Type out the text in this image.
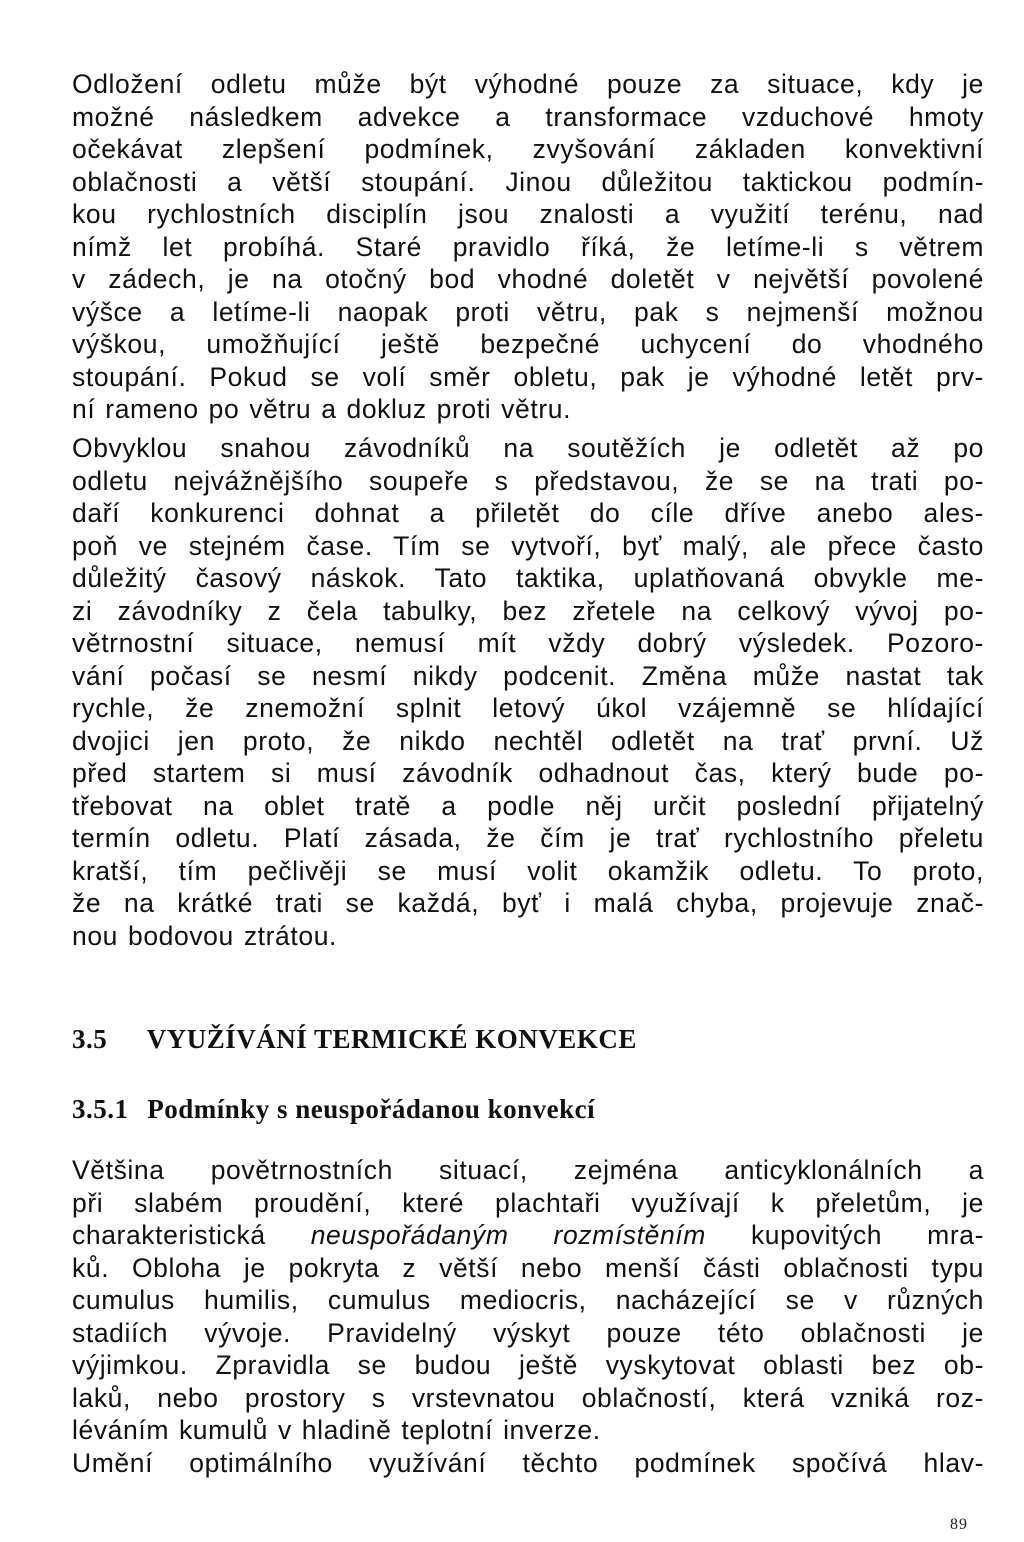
Odložení odletu může být výhodné pouze za situace, kdy je
možné následkem advekce a transformace vzduchové hmoty
očekávat zlepšení podmínek, zvyšování základen konvektivní
oblačnosti a větší stoupání. Jinou důležitou taktickou podmín-
kou rychlostních disciplín jsou znalosti a využití terénu, nad
nímž let probíhá. Staré pravidlo říká, že letíme-li s větrem
v zádech, je na otočný bod vhodné doletět v největší povolené
výšce a letíme-li naopak proti větru, pak s nejmenší možnou
výškou, umožňující ještě bezpečné uchycení do vhodného
stoupání. Pokud se volí směr obletu, pak je výhodné letět prv-
ní rameno po větru a dokluz proti větru.
Obvyklou snahou závodníků na soutěžích je odletět až po
odletu nejvážnějšího soupeře s představou, že se na trati po-
daří konkurenci dohnat a přiletět do cíle dříve anebo ales-
poň ve stejném čase. Tím se vytvoří, byť malý, ale přece často
důležitý časový náskok. Tato taktika, uplatňovaná obvykle me-
zi závodníky z čela tabulky, bez zřetele na celkový vývoj po-
větrnostní situace, nemusí mít vždy dobrý výsledek. Pozoro-
vání počasí se nesmí nikdy podcenit. Změna může nastat tak
rychle, že znemožní splnit letový úkol vzájemně se hlídající
dvojici jen proto, že nikdo nechtěl odletět na trať první. Už
před startem si musí závodník odhadnout čas, který bude po-
třebovat na oblet tratě a podle něj určit poslední přijatelný
termín odletu. Platí zásada, že čím je trať rychlostního přeletu
kratší, tím pečlivěji se musí volit okamžik odletu. To proto,
že na krátké trati se každá, byť i malá chyba, projevuje znač-
nou bodovou ztrátou.
3.5 VYUŽÍVÁNÍ TERMICKÉ KONVEKCE
3.5.1 Podmínky s neuspořádanou konvekcí
Většina povětrnostních situací, zejména anticyklonálních a
při slabém proudění, které plachtaři využívají k přeletům, je
charakteristická neuspořádaným rozmístěním kupovitých mra-
ků. Obloha je pokryta z větší nebo menší části oblačnosti typu
cumulus humilis, cumulus mediocris, nacházející se v různých
stadiích vývoje. Pravidelný výskyt pouze této oblačnosti je
výjimkou. Zpravidla se budou ještě vyskytovat oblasti bez ob-
laků, nebo prostory s vrstevnatou oblačností, která vzniká roz-
léváním kumulů v hladině teplotní inverze.
Umění optimálního využívání těchto podmínek spočívá hlav-
89
